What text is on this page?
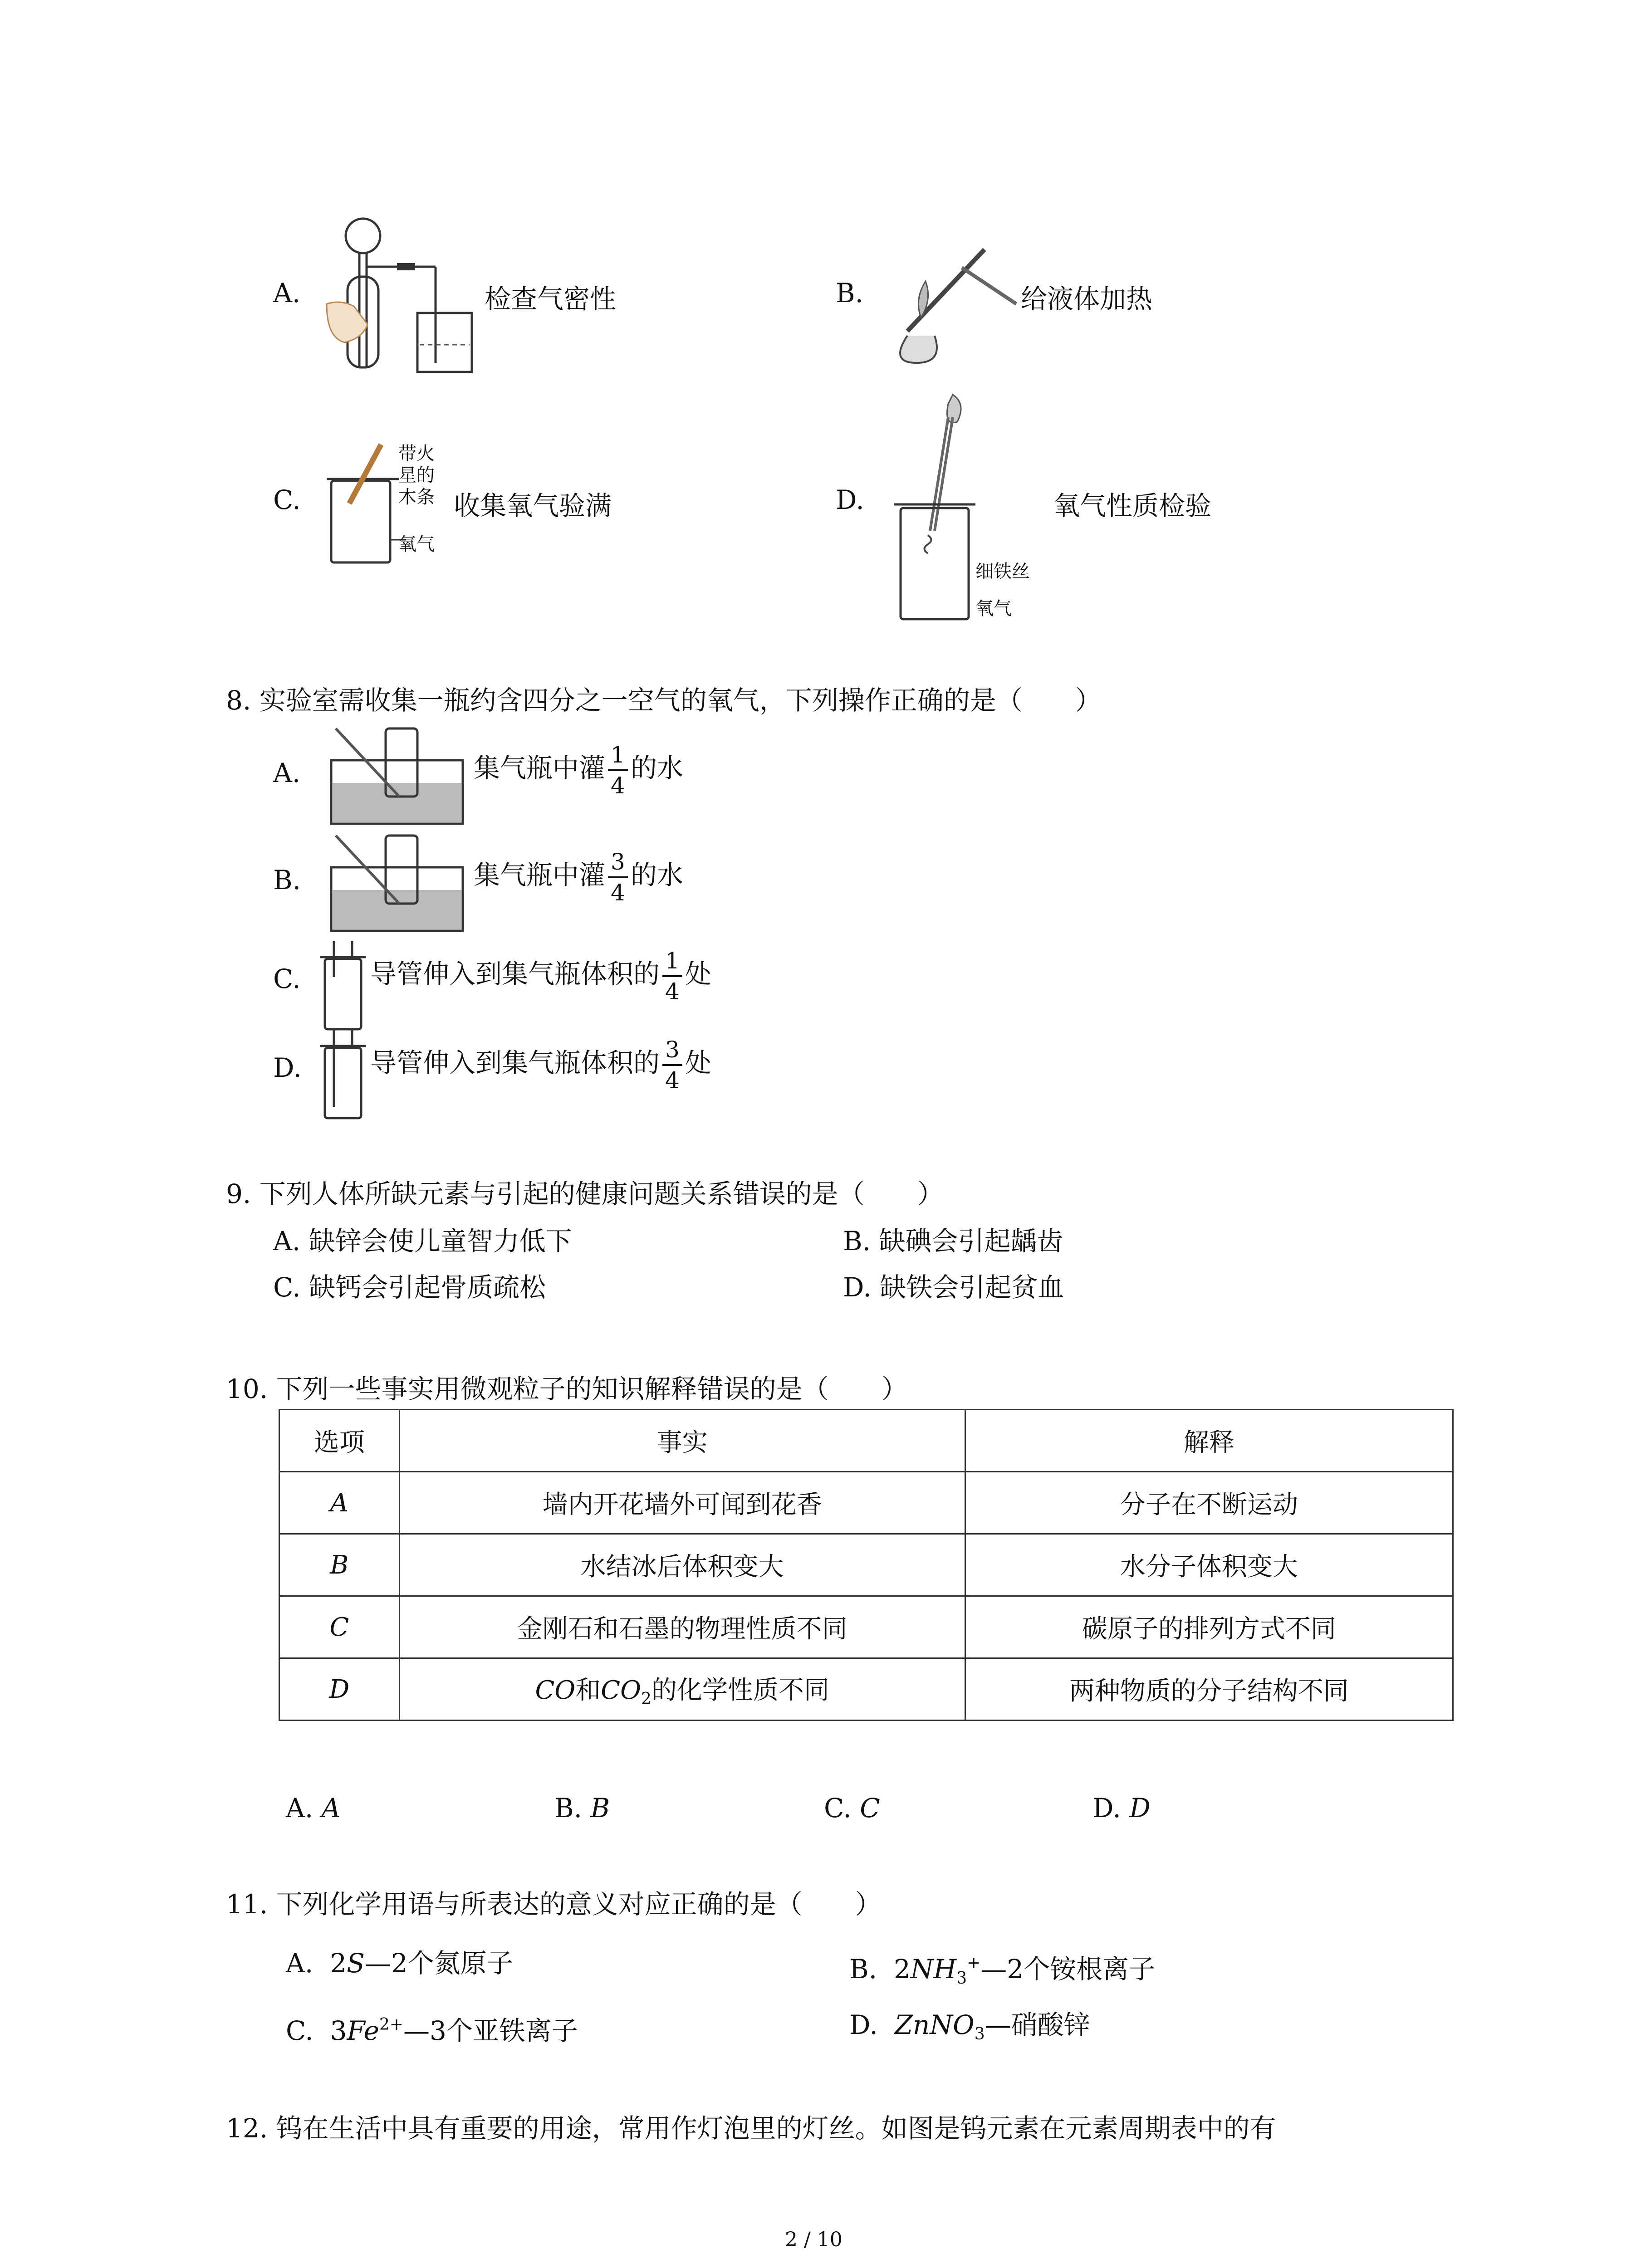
A.	检查气密性	B.	给液体加热
C.
带火
星的
木条
氧气
收集氧气验满	D.
细铁丝
氧气
氧气性质检验
8. 实验室需收集一瓶约含四分之一空气的氧气，下列操作正确的是（　　）
A.	集气瓶中灌 $\frac{1}{4}$ 的水
B.	集气瓶中灌 $\frac{3}{4}$ 的水
C.	导管伸入到集气瓶体积的 $\frac{1}{4}$ 处
D.	导管伸入到集气瓶体积的 $\frac{3}{4}$ 处
9. 下列人体所缺元素与引起的健康问题关系错误的是（　　）
A. 缺锌会使儿童智力低下	B. 缺碘会引起龋齿
C. 缺钙会引起骨质疏松	D. 缺铁会引起贫血
10. 下列一些事实用微观粒子的知识解释错误的是（　　）
选项	事实	解释
A	墙内开花墙外可闻到花香	分子在不断运动
B	水结冰后体积变大	水分子体积变大
C	金刚石和石墨的物理性质不同	碳原子的排列方式不同
D	CO和$CO_2$的化学性质不同	两种物质的分子结构不同
A. A	B. B	C. C	D. D
11. 下列化学用语与所表达的意义对应正确的是（　　）
A. 2S—2个氮原子	B. $2NH_3^+—2$个铵根离子
C. $3Fe^{2+}—3$个亚铁离子	D. ZnNO$_3$—硝酸锌
12. 钨在生活中具有重要的用途，常用作灯泡里的灯丝。如图是钨元素在元素周期表中的有
2 / 10
